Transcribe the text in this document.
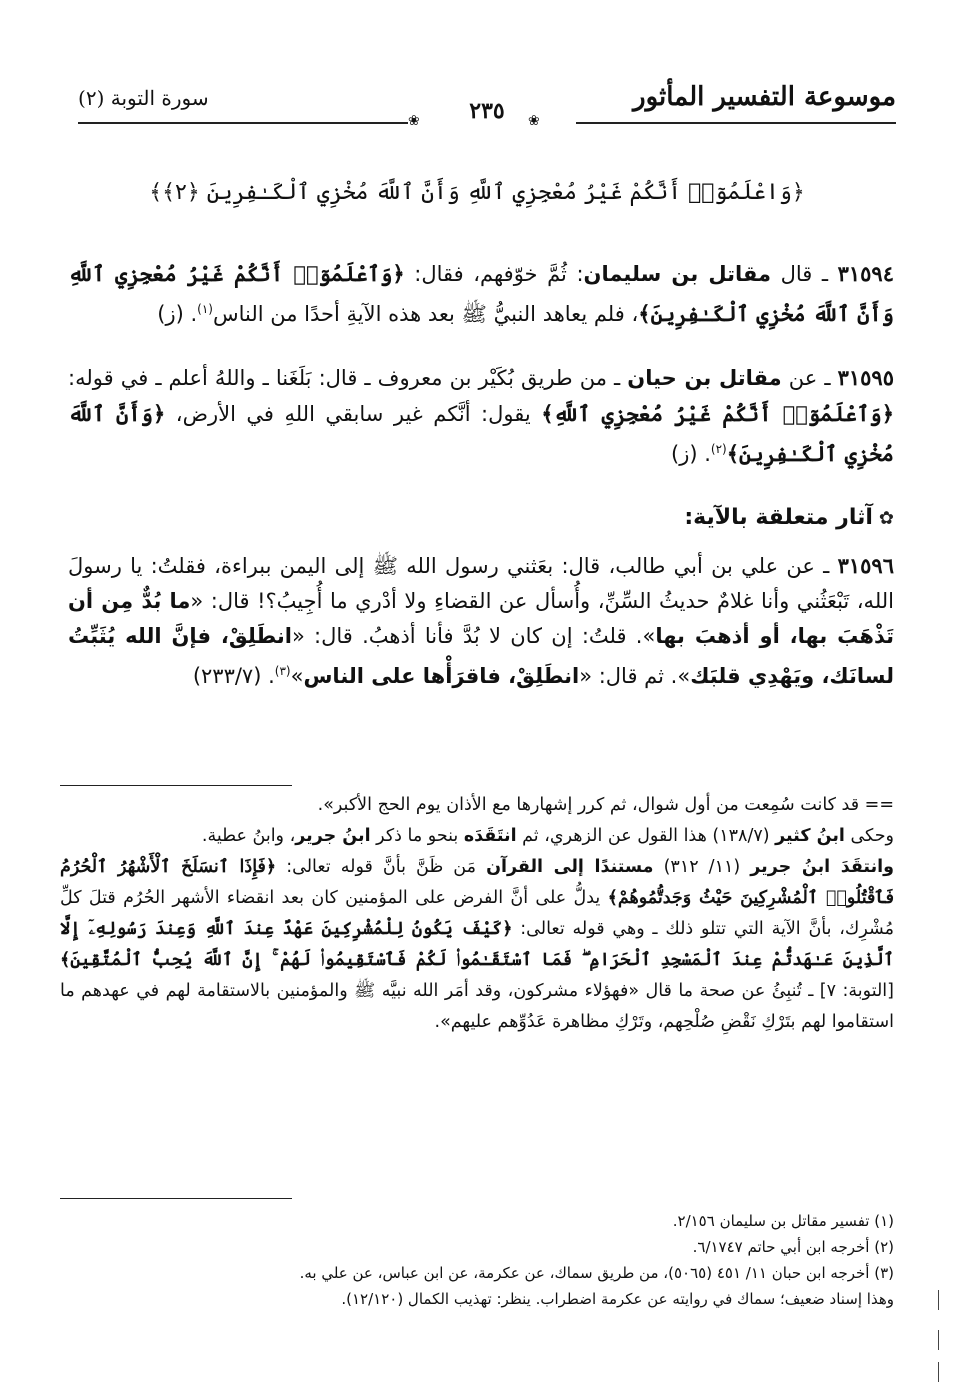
موسوعة التفسير المأثور
٢٣٥
سورة التوبة (٢)
❀	❀
﴿وَاعْلَمُوٓا۟ أَنَّكُمْ غَيْرُ مُعْجِزِي ٱللَّهِ وَأَنَّ ٱللَّهَ مُخْزِي ٱلْكَـٰفِرِينَ ﴿٢﴾﴾
٣١٥٩٤ ـ قال مقاتل بن سليمان: ثُمَّ خوّفهم، فقال: ﴿وَٱعْلَمُوٓا۟ أَنَّكُمْ غَيْرُ مُعْجِزِي ٱللَّهِ وَأَنَّ ٱللَّهَ مُخْزِي ٱلْكَـٰفِرِينَ﴾، فلم يعاهد النبيُّ ﷺ بعد هذه الآيةِ أحدًا من الناس$^{(١)}$. (ز)
٣١٥٩٥ ـ عن مقاتل بن حيان ـ من طريق بُكَيْر بن معروف ـ قال: بَلَغَنا ـ واللهُ أعلم ـ في قوله: ﴿وَٱعْلَمُوٓا۟ أَنَّكُمْ غَيْرُ مُعْجِزِي ٱللَّهِ﴾ يقول: أنَّكم غير سابقي اللهِ في الأرض، ﴿وَأَنَّ ٱللَّهَ مُخْزِي ٱلْكَـٰفِرِينَ﴾$^{(٢)}$. (ز)
✿آثار متعلقة بالآية:
٣١٥٩٦ ـ عن علي بن أبي طالب، قال: بعَثني رسول الله ﷺ إلى اليمن ببراءة، فقلتُ: يا رسولَ الله، تَبْعَثُني وأنا غلامٌ حديثُ السِّنِّ، وأُسأل عن القضاءِ ولا أدْري ما أُجِيبُ؟! قال: «ما بُدٌّ مِن أن تَذْهَبَ بها، أو أذهبَ بها». قلتُ: إن كان لا بُدَّ فأنا أذهبُ. قال: «انطَلِقْ، فإنَّ الله يُثَبِّتُ لسانَك، ويَهْدِي قلبَك». ثم قال: «انطَلِقْ، فاقرَأْها على الناس»$^{(٣)}$. (٢٣٣/٧)
== قد كانت سُمِعت من أول شوال، ثم كرر إشهارها مع الأذان يوم الحج الأكبر».
وحكى ابنُ كثير (١٣٨/٧) هذا القول عن الزهري، ثم انتَقَدَه بنحو ما ذكر ابنُ جرير، وابنُ عطية.
وانتقَدَ ابنُ جرير (١١/ ٣١٢) مستندًا إلى القرآن مَن ظَنَّ بأنَّ قوله تعالى: ﴿فَإِذَا ٱنسَلَخَ ٱلْأَشْهُرُ ٱلْحُرُمُ فَٱقْتُلُوا۟ ٱلْمُشْرِكِينَ حَيْثُ وَجَدتُّمُوهُمْ﴾ يدلُّ على أنَّ الفرض على المؤمنين كان بعد انقضاء الأشهر الحُرُم قتلَ كلِّ مُشْرِك، بأنَّ الآية التي تتلو ذلك ـ وهي قوله تعالى: ﴿كَيْفَ يَكُونُ لِلْمُشْرِكِينَ عَهْدٌ عِندَ ٱللَّهِ وَعِندَ رَسُولِهِۦٓ إِلَّا ٱلَّذِينَ عَـٰهَدتُّمْ عِندَ ٱلْمَسْجِدِ ٱلْحَرَامِ ۖ فَمَا ٱسْتَقَـٰمُوا۟ لَكُمْ فَٱسْتَقِيمُوا۟ لَهُمْ ۚ إِنَّ ٱللَّهَ يُحِبُّ ٱلْمُتَّقِينَ﴾ [التوبة: ٧] ـ تُنبِئُ عن صحة ما قال «فهؤلاء مشركون، وقد أمَر الله نبيَّه ﷺ والمؤمنين بالاستقامة لهم في عهدهم ما استقاموا لهم بتَرْكِ نَقْضِ صُلْحِهم، وتَرْكِ مظاهرة عَدُوِّهم عليهم».
(١) تفسير مقاتل بن سليمان ٢/١٥٦.
(٢) أخرجه ابن أبي حاتم ٦/١٧٤٧.
(٣) أخرجه ابن حبان ١١/ ٤٥١ (٥٠٦٥)، من طريق سماك، عن عكرمة، عن ابن عباس، عن علي به.
وهذا إسناد ضعيف؛ سماك في روايته عن عكرمة اضطراب. ينظر: تهذيب الكمال (١٢/١٢٠).
